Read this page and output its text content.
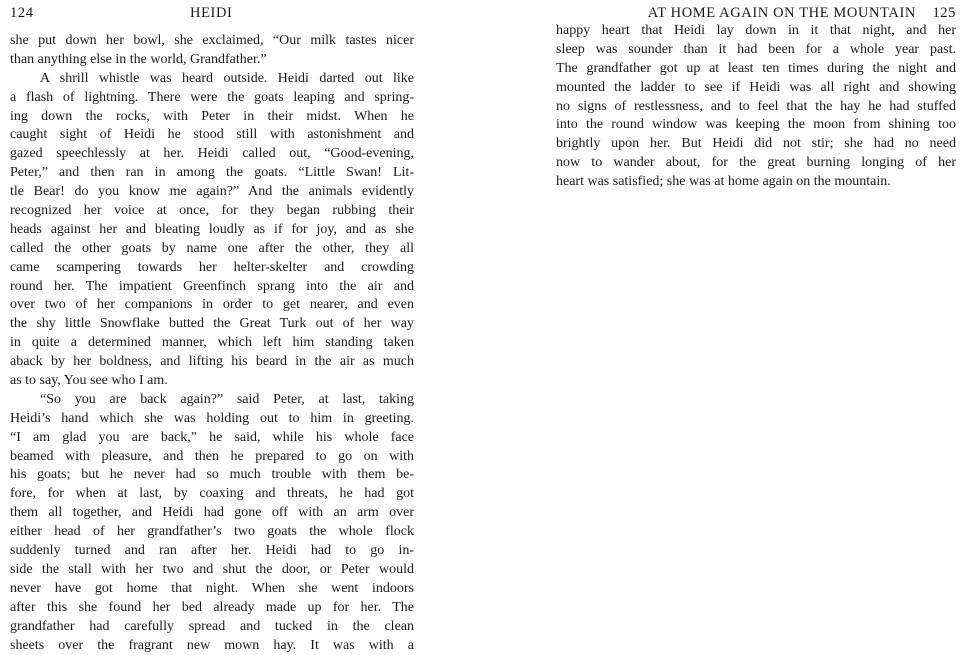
124	HEIDI
she put down her bowl, she exclaimed, “Our milk tastes nicer
than anything else in the world, Grandfather.”
A shrill whistle was heard outside. Heidi darted out like
a flash of lightning. There were the goats leaping and spring-
ing down the rocks, with Peter in their midst. When he
caught sight of Heidi he stood still with astonishment and
gazed speechlessly at her. Heidi called out, “Good-evening,
Peter,” and then ran in among the goats. “Little Swan! Lit-
tle Bear! do you know me again?” And the animals evidently
recognized her voice at once, for they began rubbing their
heads against her and bleating loudly as if for joy, and as she
called the other goats by name one after the other, they all
came scampering towards her helter-skelter and crowding
round her. The impatient Greenfinch sprang into the air and
over two of her companions in order to get nearer, and even
the shy little Snowflake butted the Great Turk out of her way
in quite a determined manner, which left him standing taken
aback by her boldness, and lifting his beard in the air as much
as to say, You see who I am.
“So you are back again?” said Peter, at last, taking
Heidi’s hand which she was holding out to him in greeting.
“I am glad you are back,” he said, while his whole face
beamed with pleasure, and then he prepared to go on with
his goats; but he never had so much trouble with them be-
fore, for when at last, by coaxing and threats, he had got
them all together, and Heidi had gone off with an arm over
either head of her grandfather’s two goats the whole flock
suddenly turned and ran after her. Heidi had to go in-
side the stall with her two and shut the door, or Peter would
never have got home that night. When she went indoors
after this she found her bed already made up for her. The
grandfather had carefully spread and tucked in the clean
sheets over the fragrant new mown hay. It was with a
AT HOME AGAIN ON THE MOUNTAIN 125
happy heart that Heidi lay down in it that night, and her
sleep was sounder than it had been for a whole year past.
The grandfather got up at least ten times during the night and
mounted the ladder to see if Heidi was all right and showing
no signs of restlessness, and to feel that the hay he had stuffed
into the round window was keeping the moon from shining too
brightly upon her. But Heidi did not stir; she had no need
now to wander about, for the great burning longing of her
heart was satisfied; she was at home again on the mountain.
